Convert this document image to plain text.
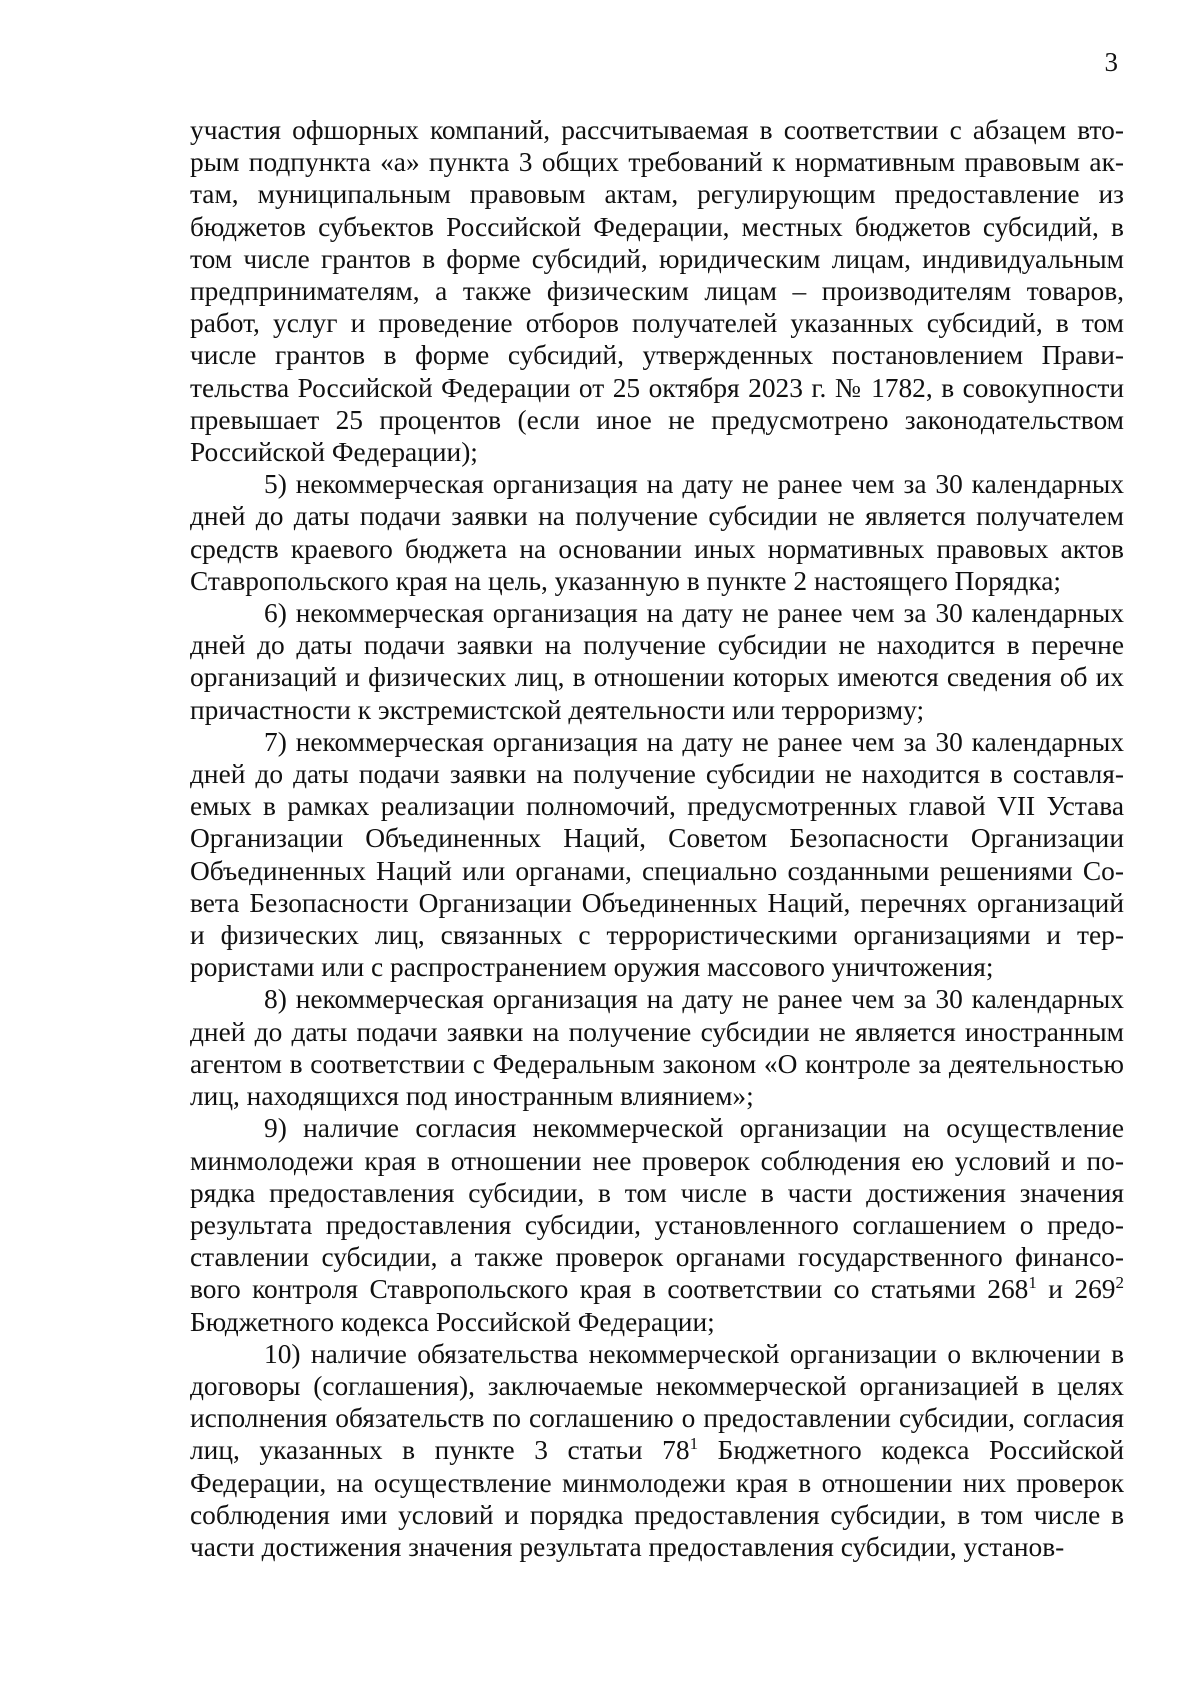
3

участия офшорных компаний, рассчитываемая в соответствии с абзацем вторым подпункта «а» пункта 3 общих требований к нормативным правовым актам, муниципальным правовым актам, регулирующим предоставление из бюджетов субъектов Российской Федерации, местных бюджетов субсидий, в том числе грантов в форме субсидий, юридическим лицам, индивидуальным предпринимателям, а также физическим лицам – производителям товаров, работ, услуг и проведение отборов получателей указанных субсидий, в том числе грантов в форме субсидий, утвержденных постановлением Правительства Российской Федерации от 25 октября 2023 г. № 1782, в совокупности превышает 25 процентов (если иное не предусмотрено законодательством Российской Федерации);

5) некоммерческая организация на дату не ранее чем за 30 календарных дней до даты подачи заявки на получение субсидии не является получателем средств краевого бюджета на основании иных нормативных правовых актов Ставропольского края на цель, указанную в пункте 2 настоящего Порядка;

6) некоммерческая организация на дату не ранее чем за 30 календарных дней до даты подачи заявки на получение субсидии не находится в перечне организаций и физических лиц, в отношении которых имеются сведения об их причастности к экстремистской деятельности или терроризму;

7) некоммерческая организация на дату не ранее чем за 30 календарных дней до даты подачи заявки на получение субсидии не находится в составляемых в рамках реализации полномочий, предусмотренных главой VII Устава Организации Объединенных Наций, Советом Безопасности Организации Объединенных Наций или органами, специально созданными решениями Совета Безопасности Организации Объединенных Наций, перечнях организаций и физических лиц, связанных с террористическими организациями и террористами или с распространением оружия массового уничтожения;

8) некоммерческая организация на дату не ранее чем за 30 календарных дней до даты подачи заявки на получение субсидии не является иностранным агентом в соответствии с Федеральным законом «О контроле за деятельностью лиц, находящихся под иностранным влиянием»;

9) наличие согласия некоммерческой организации на осуществление минмолодежи края в отношении нее проверок соблюдения ею условий и порядка предоставления субсидии, в том числе в части достижения значения результата предоставления субсидии, установленного соглашением о предоставлении субсидии, а также проверок органами государственного финансового контроля Ставропольского края в соответствии со статьями $268^1$ и $269^2$ Бюджетного кодекса Российской Федерации;

10) наличие обязательства некоммерческой организации о включении в договоры (соглашения), заключаемые некоммерческой организацией в целях исполнения обязательств по соглашению о предоставлении субсидии, согласия лиц, указанных в пункте 3 статьи $78^1$ Бюджетного кодекса Российской Федерации, на осуществление минмолодежи края в отношении них проверок соблюдения ими условий и порядка предоставления субсидии, в том числе в части достижения значения результата предоставления субсидии, установ-
